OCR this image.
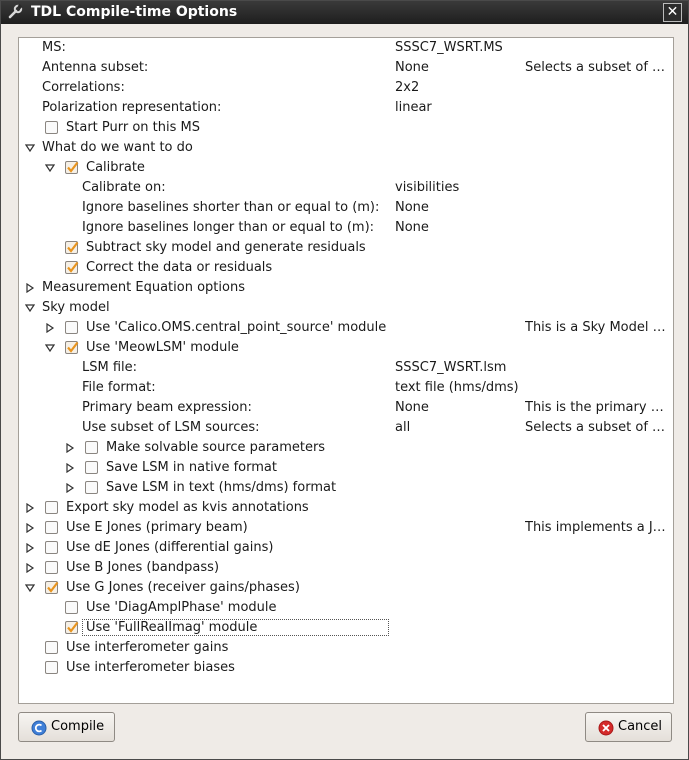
TDL Compile-time Options	✕
MS:	SSSC7_WSRT.MS
Antenna subset:	None	Selects a subset of …
Correlations:	2x2
Polarization representation:	linear
Start Purr on this MS
What do we want to do
Calibrate
Calibrate on:	visibilities
Ignore baselines shorter than or equal to (m): None
Ignore baselines longer than or equal to (m): None
Subtract sky model and generate residuals
Correct the data or residuals
Measurement Equation options
Sky model
Use 'Calico.OMS.central_point_source' module	This is a Sky Model …
Use 'MeowLSM' module
LSM file:	SSSC7_WSRT.lsm
File format:	text file (hms/dms)
Primary beam expression:	None	This is the primary …
Use subset of LSM sources:	all	Selects a subset of …
Make solvable source parameters
Save LSM in native format
Save LSM in text (hms/dms) format
Export sky model as kvis annotations
Use E Jones (primary beam)	This implements a J…
Use dE Jones (differential gains)
Use B Jones (bandpass)
Use G Jones (receiver gains/phases)
Use 'DiagAmplPhase' module
Use 'FullRealImag' module
Use interferometer gains
Use interferometer biases
Compile	Cancel
